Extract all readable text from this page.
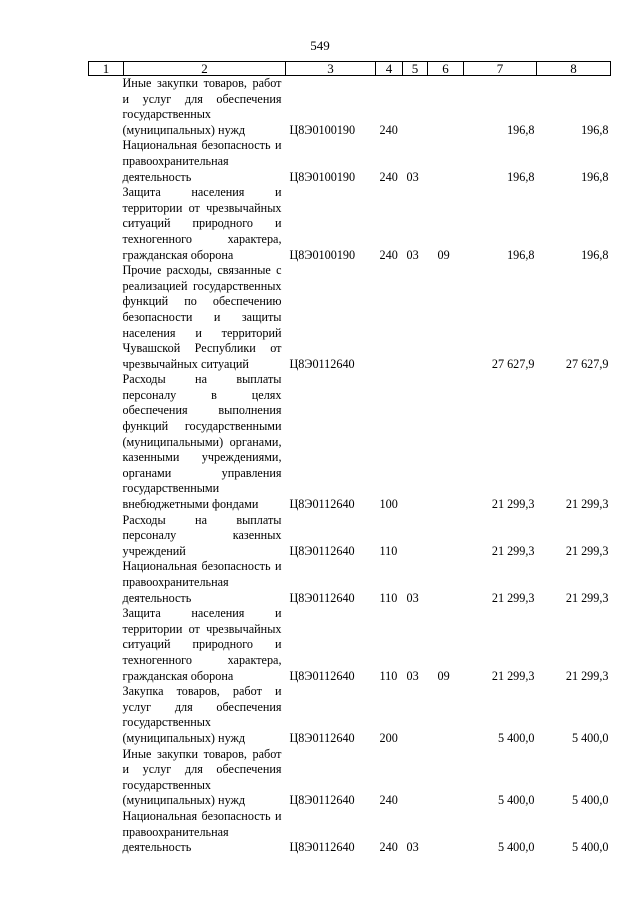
549
1	2	3	4	5	6	7	8
Иные закупки товаров, работ и услуг для обеспечения государственных (муниципальных) нужд		Ц8Э0100190	240			196,8	196,8
Национальная безопасность и правоохранительная деятельность		Ц8Э0100190	240	03		196,8	196,8
Защита населения и территории от чрезвычайных ситуаций природного и техногенного характера, гражданская оборона		Ц8Э0100190	240	03	09	196,8	196,8
Прочие расходы, связанные с реализацией государственных функций по обеспечению безопасности и защиты населения и территорий Чувашской Республики от чрезвычайных ситуаций		Ц8Э0112640				27 627,9	27 627,9
Расходы на выплаты персоналу в целях обеспечения выполнения функций государственными (муниципальными) органами, казенными учреждениями, органами управления государственными внебюджетными фондами		Ц8Э0112640	100			21 299,3	21 299,3
Расходы на выплаты персоналу казенных учреждений		Ц8Э0112640	110			21 299,3	21 299,3
Национальная безопасность и правоохранительная деятельность		Ц8Э0112640	110	03		21 299,3	21 299,3
Защита населения и территории от чрезвычайных ситуаций природного и техногенного характера, гражданская оборона		Ц8Э0112640	110	03	09	21 299,3	21 299,3
Закупка товаров, работ и услуг для обеспечения государственных (муниципальных) нужд		Ц8Э0112640	200			5 400,0	5 400,0
Иные закупки товаров, работ и услуг для обеспечения государственных (муниципальных) нужд		Ц8Э0112640	240			5 400,0	5 400,0
Национальная безопасность и правоохранительная деятельность		Ц8Э0112640	240	03		5 400,0	5 400,0
